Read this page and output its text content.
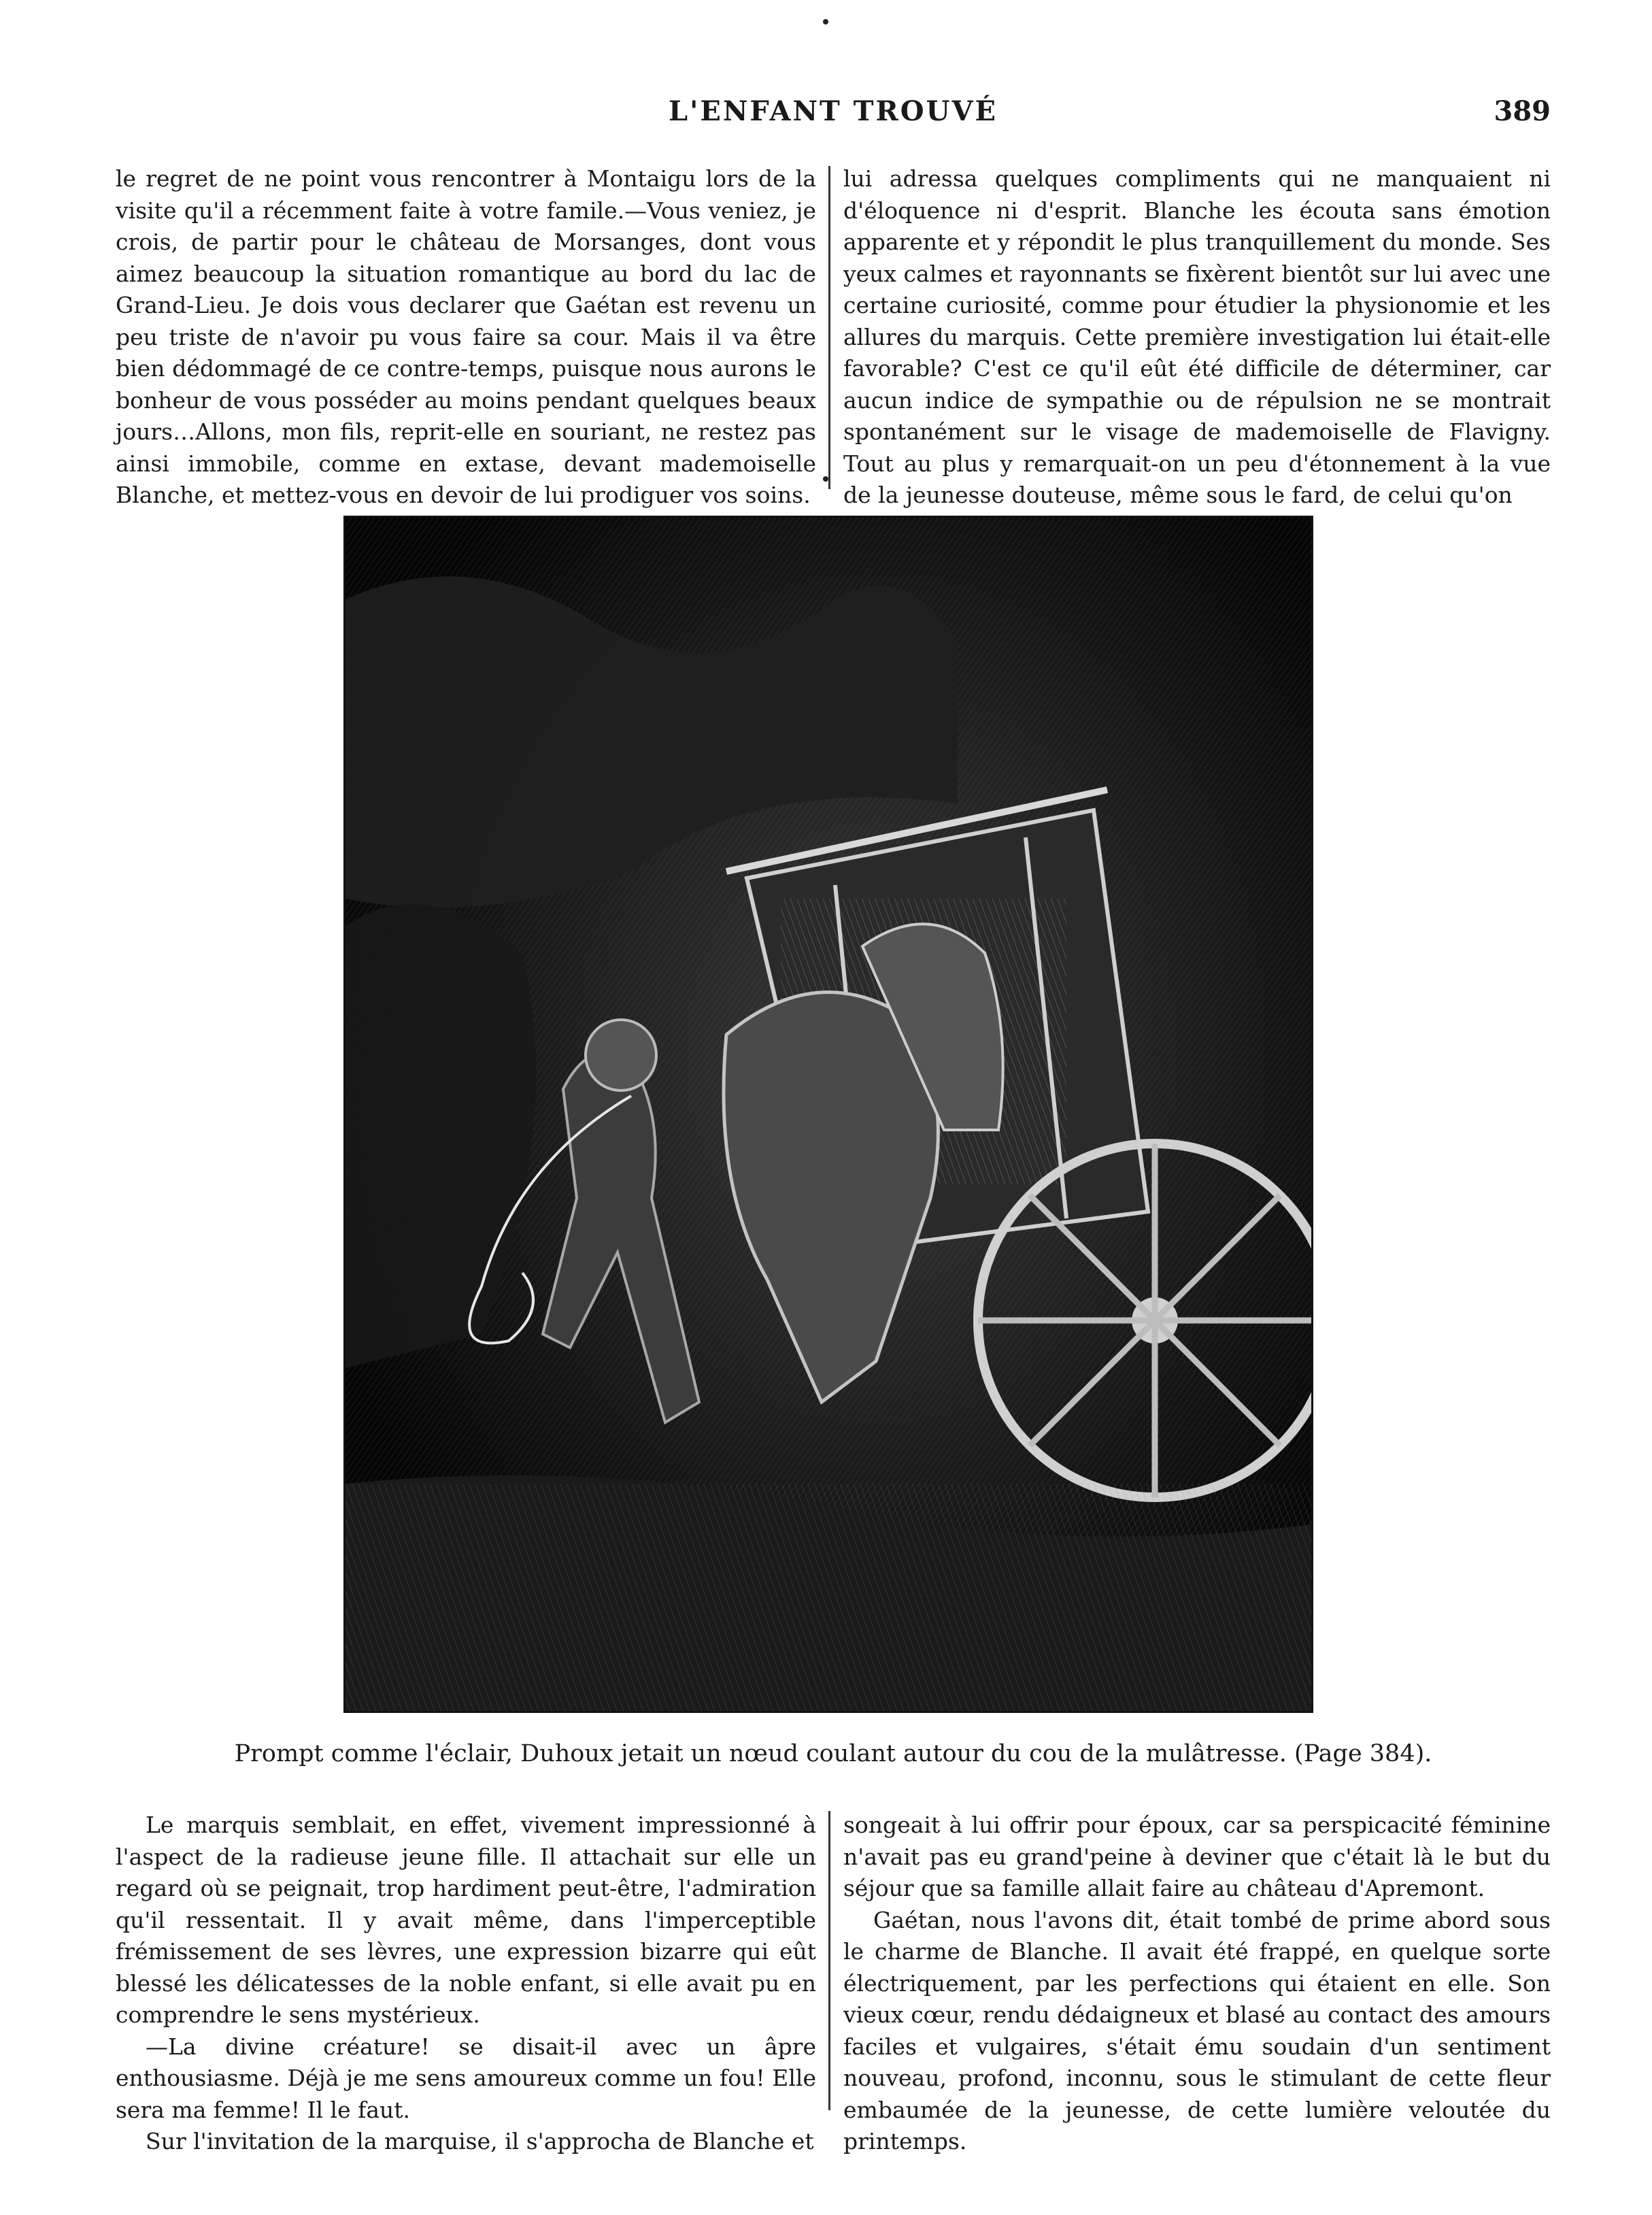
L'ENFANT TROUVÉ	389

le regret de ne point vous rencontrer à Montaigu lors de la visite qu'il a récemment faite à votre famile.—Vous veniez, je crois, de partir pour le château de Morsanges, dont vous aimez beaucoup la situation romantique au bord du lac de Grand-Lieu. Je dois vous declarer que Gaétan est revenu un peu triste de n'avoir pu vous faire sa cour. Mais il va être bien dédommagé de ce contre-temps, puisque nous aurons le bonheur de vous posséder au moins pendant quelques beaux jours…Allons, mon fils, reprit-elle en souriant, ne restez pas ainsi immobile, comme en extase, devant mademoiselle Blanche, et mettez-vous en devoir de lui prodiguer vos soins.

lui adressa quelques compliments qui ne manquaient ni d'éloquence ni d'esprit. Blanche les écouta sans émotion apparente et y répondit le plus tranquillement du monde. Ses yeux calmes et rayonnants se fixèrent bientôt sur lui avec une certaine curiosité, comme pour étudier la physionomie et les allures du marquis. Cette première investigation lui était-elle favorable? C'est ce qu'il eût été difficile de déterminer, car aucun indice de sympathie ou de répulsion ne se montrait spontanément sur le visage de mademoiselle de Flavigny. Tout au plus y remarquait-on un peu d'étonnement à la vue de la jeunesse douteuse, même sous le fard, de celui qu'on

Prompt comme l'éclair, Duhoux jetait un nœud coulant autour du cou de la mulâtresse. (Page 384).

Le marquis semblait, en effet, vivement impressionné à l'aspect de la radieuse jeune fille. Il attachait sur elle un regard où se peignait, trop hardiment peut-être, l'admiration qu'il ressentait. Il y avait même, dans l'imperceptible frémissement de ses lèvres, une expression bizarre qui eût blessé les délicatesses de la noble enfant, si elle avait pu en comprendre le sens mystérieux.

—La divine créature! se disait-il avec un âpre enthousiasme. Déjà je me sens amoureux comme un fou! Elle sera ma femme! Il le faut.

Sur l'invitation de la marquise, il s'approcha de Blanche et

songeait à lui offrir pour époux, car sa perspicacité féminine n'avait pas eu grand'peine à deviner que c'était là le but du séjour que sa famille allait faire au château d'Apremont.

Gaétan, nous l'avons dit, était tombé de prime abord sous le charme de Blanche. Il avait été frappé, en quelque sorte électriquement, par les perfections qui étaient en elle. Son vieux cœur, rendu dédaigneux et blasé au contact des amours faciles et vulgaires, s'était ému soudain d'un sentiment nouveau, profond, inconnu, sous le stimulant de cette fleur embaumée de la jeunesse, de cette lumière veloutée du printemps.
